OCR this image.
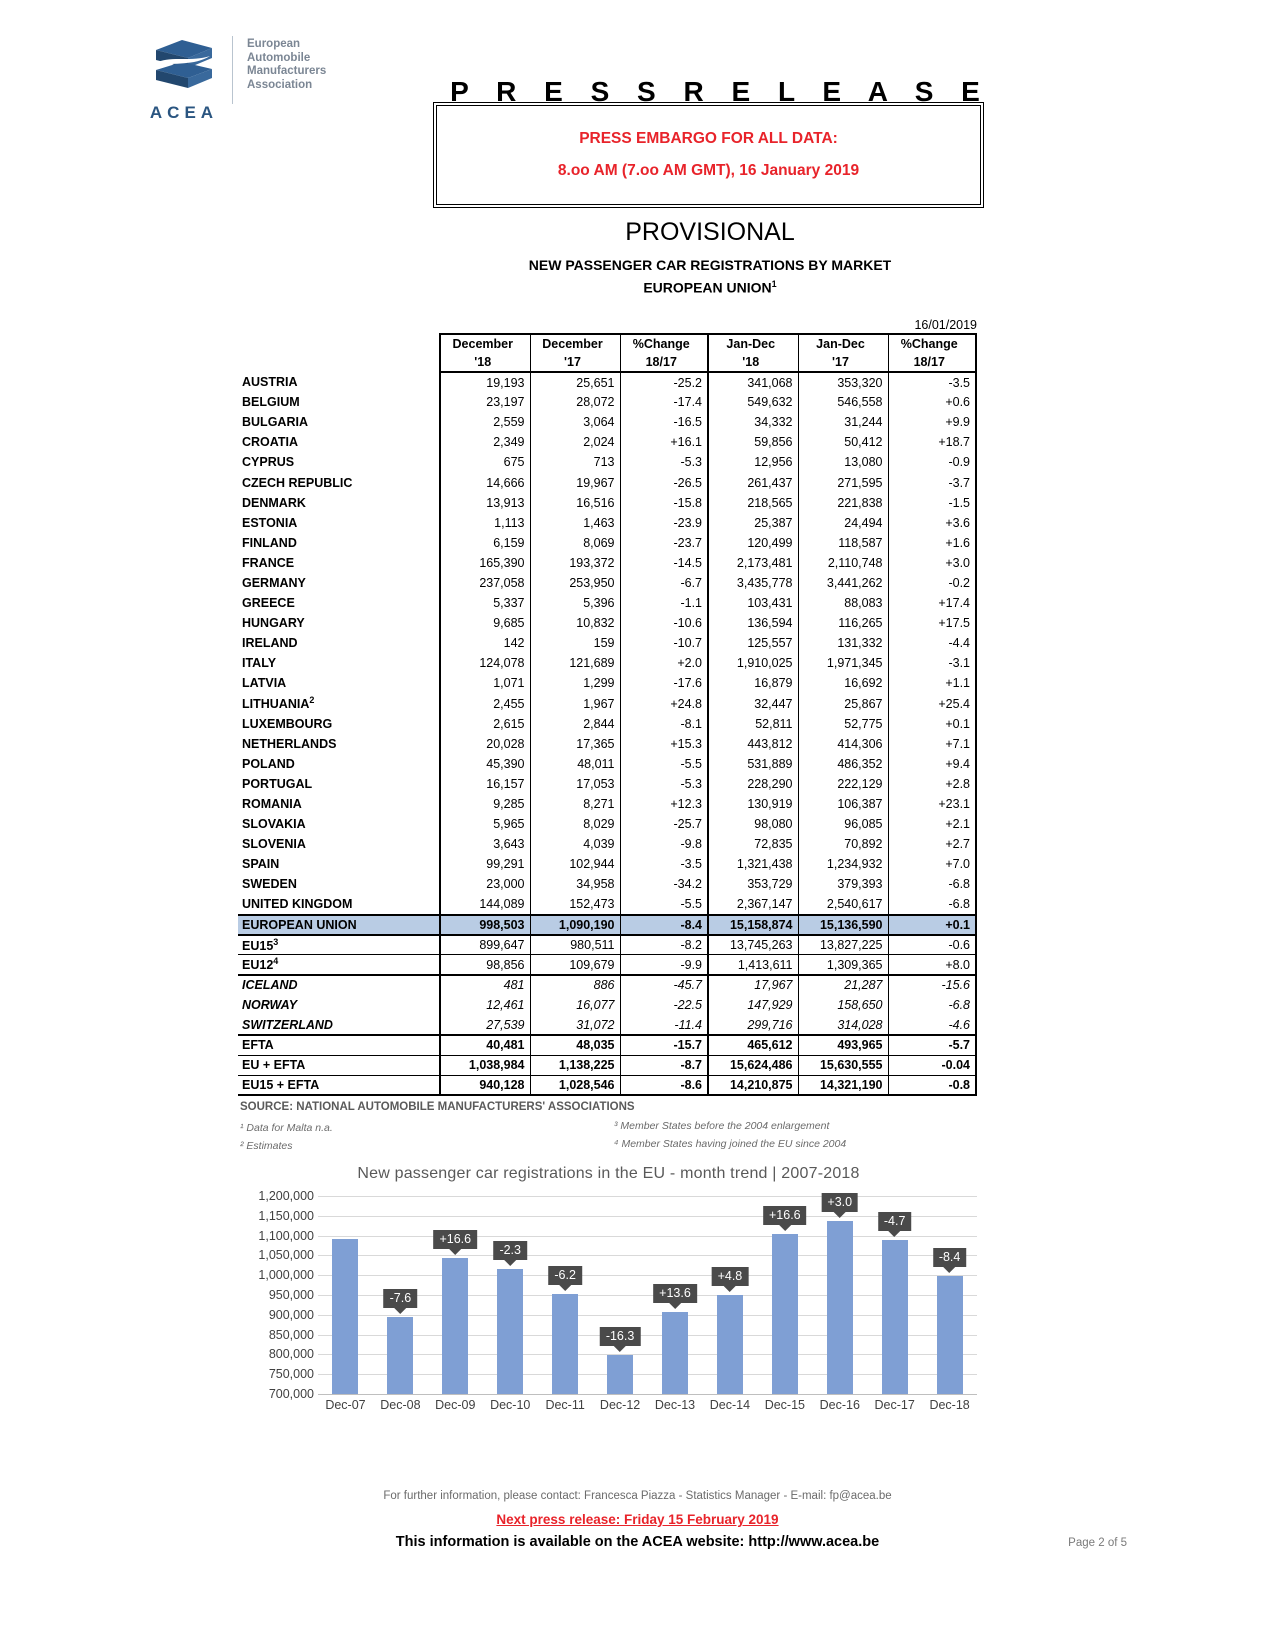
ACEA
European
Automobile
Manufacturers
Association	P R E S S R E L E A S E
PRESS EMBARGO FOR ALL DATA:
8.oo AM (7.oo AM GMT), 16 January 2019
PROVISIONAL
NEW PASSENGER CAR REGISTRATIONS BY MARKET
EUROPEAN UNION$^1$
16/01/2019
	December	December	%Change	Jan-Dec	Jan-Dec	%Change
	'18	'17	18/17	'18	'17	18/17
AUSTRIA	19,193	25,651	-25.2	341,068	353,320	-3.5
BELGIUM	23,197	28,072	-17.4	549,632	546,558	+0.6
BULGARIA	2,559	3,064	-16.5	34,332	31,244	+9.9
CROATIA	2,349	2,024	+16.1	59,856	50,412	+18.7
CYPRUS	675	713	-5.3	12,956	13,080	-0.9
CZECH REPUBLIC	14,666	19,967	-26.5	261,437	271,595	-3.7
DENMARK	13,913	16,516	-15.8	218,565	221,838	-1.5
ESTONIA	1,113	1,463	-23.9	25,387	24,494	+3.6
FINLAND	6,159	8,069	-23.7	120,499	118,587	+1.6
FRANCE	165,390	193,372	-14.5	2,173,481	2,110,748	+3.0
GERMANY	237,058	253,950	-6.7	3,435,778	3,441,262	-0.2
GREECE	5,337	5,396	-1.1	103,431	88,083	+17.4
HUNGARY	9,685	10,832	-10.6	136,594	116,265	+17.5
IRELAND	142	159	-10.7	125,557	131,332	-4.4
ITALY	124,078	121,689	+2.0	1,910,025	1,971,345	-3.1
LATVIA	1,071	1,299	-17.6	16,879	16,692	+1.1
LITHUANIA$^2$	2,455	1,967	+24.8	32,447	25,867	+25.4
LUXEMBOURG	2,615	2,844	-8.1	52,811	52,775	+0.1
NETHERLANDS	20,028	17,365	+15.3	443,812	414,306	+7.1
POLAND	45,390	48,011	-5.5	531,889	486,352	+9.4
PORTUGAL	16,157	17,053	-5.3	228,290	222,129	+2.8
ROMANIA	9,285	8,271	+12.3	130,919	106,387	+23.1
SLOVAKIA	5,965	8,029	-25.7	98,080	96,085	+2.1
SLOVENIA	3,643	4,039	-9.8	72,835	70,892	+2.7
SPAIN	99,291	102,944	-3.5	1,321,438	1,234,932	+7.0
SWEDEN	23,000	34,958	-34.2	353,729	379,393	-6.8
UNITED KINGDOM	144,089	152,473	-5.5	2,367,147	2,540,617	-6.8
EUROPEAN UNION	998,503	1,090,190	-8.4	15,158,874	15,136,590	+0.1
$EU15^3$	899,647	980,511	-8.2	13,745,263	13,827,225	-0.6
$EU12^4$	98,856	109,679	-9.9	1,413,611	1,309,365	+8.0
ICELAND	481	886	-45.7	17,967	21,287	-15.6
NORWAY	12,461	16,077	-22.5	147,929	158,650	-6.8
SWITZERLAND	27,539	31,072	-11.4	299,716	314,028	-4.6
EFTA	40,481	48,035	-15.7	465,612	493,965	-5.7
EU + EFTA	1,038,984	1,138,225	-8.7	15,624,486	15,630,555	-0.04
EU15 + EFTA	940,128	1,028,546	-8.6	14,210,875	14,321,190	-0.8
SOURCE: NATIONAL AUTOMOBILE MANUFACTURERS' ASSOCIATIONS
¹ Data for Malta n.a.
² Estimates
³ Member States before the 2004 enlargement
⁴ Member States having joined the EU since 2004
New passenger car registrations in the EU - month trend | 2007-2018
700,000
750,000
800,000
850,000
900,000
950,000
1,000,000
1,050,000
1,100,000
1,150,000
1,200,000
-7.6
+16.6
-2.3
-6.2
-16.3
+13.6
+4.8
+16.6
+3.0
-4.7
-8.4
Dec-07	Dec-08	Dec-09	Dec-10	Dec-11	Dec-12	Dec-13	Dec-14	Dec-15	Dec-16	Dec-17	Dec-18
For further information, please contact: Francesca Piazza - Statistics Manager - E-mail: fp@acea.be
Next press release: Friday 15 February 2019
This information is available on the ACEA website: http://www.acea.be	Page 2 of 5
